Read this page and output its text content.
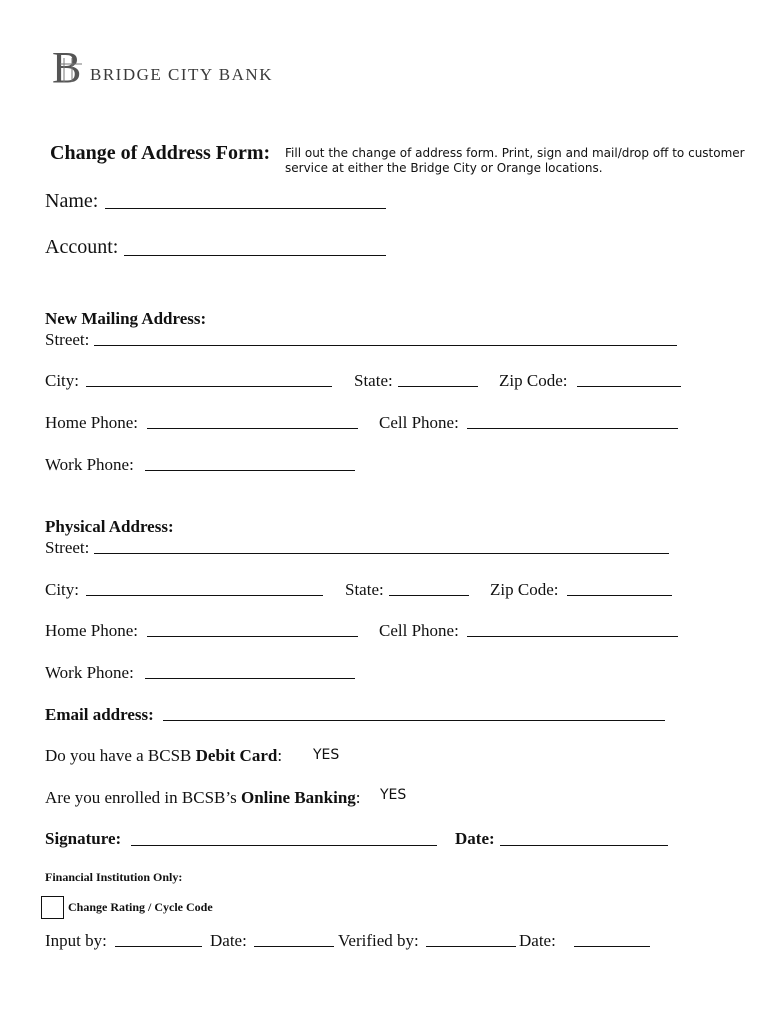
B BRIDGE CITY BANK
Change of Address Form: Fill out the change of address form. Print, sign and mail/drop off to customer service at either the Bridge City or Orange locations.
Name:
Account:
New Mailing Address:
Street:
City:	State:	Zip Code:
Home Phone:	Cell Phone:
Work Phone:
Physical Address:
Street:
City:	State:	Zip Code:
Home Phone:	Cell Phone:
Work Phone:
Email address:
Do you have a BCSB Debit Card: YES
Are you enrolled in BCSB’s Online Banking: YES
Signature:	Date:
Financial Institution Only:
Change Rating / Cycle Code
Input by:	Date:	Verified by:	Date:
